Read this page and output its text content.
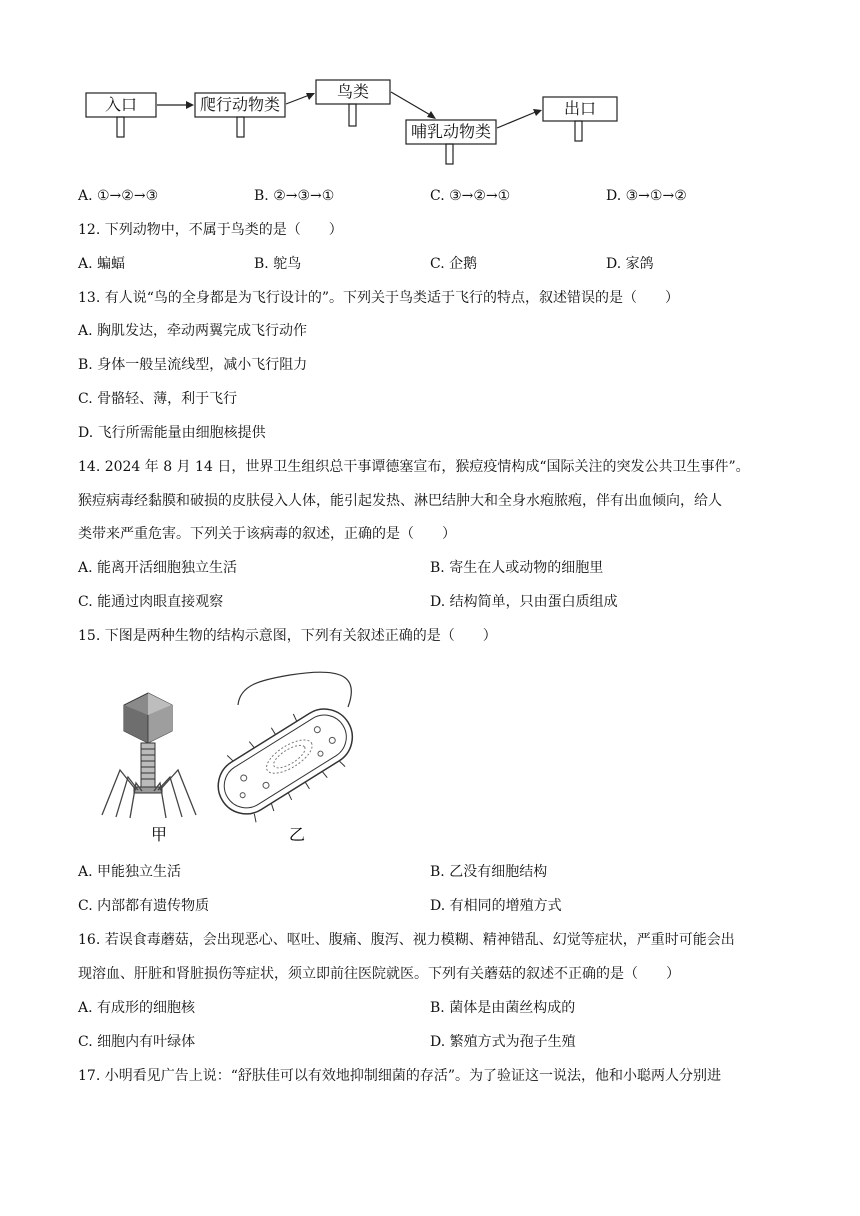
入口	爬行动物类
鸟类
哺乳动物类
出口
A. ①→②→③	B. ②→③→①	C. ③→②→①	D. ③→①→②
12. 下列动物中，不属于鸟类的是（　　）
A. 蝙蝠	B. 鸵鸟	C. 企鹅	D. 家鸽
13. 有人说“鸟的全身都是为飞行设计的”。下列关于鸟类适于飞行的特点，叙述错误的是（　　）
A. 胸肌发达，牵动两翼完成飞行动作
B. 身体一般呈流线型，减小飞行阻力
C. 骨骼轻、薄，利于飞行
D. 飞行所需能量由细胞核提供
14. 2024 年 8 月 14 日，世界卫生组织总干事谭德塞宣布，猴痘疫情构成“国际关注的突发公共卫生事件”。
猴痘病毒经黏膜和破损的皮肤侵入人体，能引起发热、淋巴结肿大和全身水疱脓疱，伴有出血倾向，给人
类带来严重危害。下列关于该病毒的叙述，正确的是（　　）
A. 能离开活细胞独立生活	B. 寄生在人或动物的细胞里
C. 能通过肉眼直接观察	D. 结构简单，只由蛋白质组成
15. 下图是两种生物的结构示意图，下列有关叙述正确的是（　　）
甲	乙
A. 甲能独立生活	B. 乙没有细胞结构
C. 内部都有遗传物质	D. 有相同的增殖方式
16. 若误食毒蘑菇，会出现恶心、呕吐、腹痛、腹泻、视力模糊、精神错乱、幻觉等症状，严重时可能会出
现溶血、肝脏和肾脏损伤等症状，须立即前往医院就医。下列有关蘑菇的叙述不正确的是（　　）
A. 有成形的细胞核	B. 菌体是由菌丝构成的
C. 细胞内有叶绿体	D. 繁殖方式为孢子生殖
17. 小明看见广告上说：“舒肤佳可以有效地抑制细菌的存活”。为了验证这一说法，他和小聪两人分别进
